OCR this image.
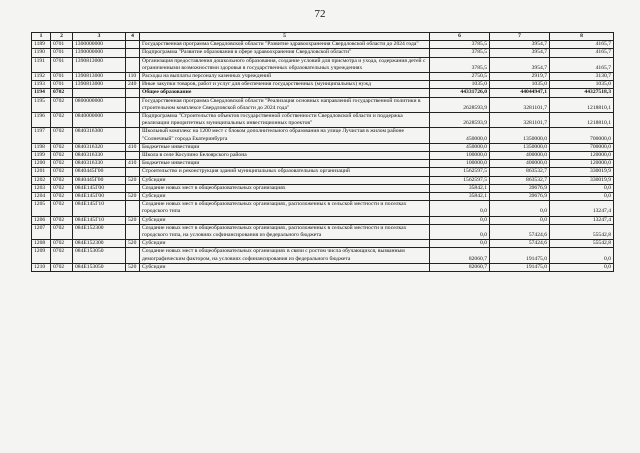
72
1	2	3	4	5	6	7	8
1189	0701	1300000000		Государственная программа Свердловской области "Развитие здравоохранения Свердловской области до 2024 года"	3785,5	3954,7	4165,7
1190	0701	1390000000		Подпрограмма "Развитие образования в сфере здравоохранения Свердловской области"	3785,5	3954,7	4165,7
1191	0701	1390813000		Организация предоставления дошкольного образования, создание условий для присмотра и ухода, содержания детей с ограниченными возможностями здоровья в государственных образовательных учреждениях	3785,5	3954,7	4165,7
1192	0701	1390813000	110	Расходы на выплаты персоналу казенных учреждений	2750,5	2919,7	3130,7
1193	0701	1390813000	240	Иные закупки товаров, работ и услуг для обеспечения государственных (муниципальных) нужд	1035,0	1035,0	1035,0
1194	0702			Общее образование	44331726,0	44044947,1	44327518,3
1195	0702	0800000000		Государственная программа Свердловской области "Реализация основных направлений государственной политики в строительном комплексе Свердловской области до 2024 года"	2628593,9	3281101,7	1218810,1
1196	0702	0840000000		Подпрограмма "Строительство объектов государственной собственности Свердловской области и поддержка реализации приоритетных муниципальных инвестиционных проектов"	2628593,9	3281101,7	1218810,1
1197	0702	0840316300		Школьный комплекс на 1200 мест с блоком дополнительного образования на улице Лучистая в жилом районе "Солнечный" города Екатеринбурга	450000,0	1350000,0	700000,0
1198	0702	0840316320	410	Бюджетные инвестиции	450000,0	1350000,0	700000,0
1199	0702	0840316330		Школа в селе Косулино Белоярского района	100000,0	400000,0	120000,0
1200	0702	0840316330	410	Бюджетные инвестиции	100000,0	400000,0	120000,0
1201	0702	0840445Г00		Строительство и реконструкция зданий муниципальных образовательных организаций	1562597,5	863532,7	330019,9
1202	0702	0840445Г00	520	Субсидии	1562597,5	863532,7	330019,9
1203	0702	084Е145Г00		Создание новых мест в общеобразовательных организациях	35842,1	39676,9	0,0
1204	0702	084Е145Г00	520	Субсидии	35842,1	39676,9	0,0
1205	0702	084Е145Г10		Создание новых мест в общеобразовательных организациях, расположенных в сельской местности и поселках городского типа	0,0	0,0	13247,4
1206	0702	084Е145Г10	520	Субсидии	0,0	0,0	13247,4
1207	0702	084Е152300		Создание новых мест в общеобразовательных организациях, расположенных в сельской местности и поселках городского типа, на условиях софинансирования из федерального бюджета	0,0	57424,6	55542,8
1208	0702	084Е152300	520	Субсидии	0,0	57424,6	55542,8
1209	0702	084Е153050		Создание новых мест в общеобразовательных организациях в связи с ростом числа обучающихся, вызванным демографическим фактором, на условиях софинансирования из федерального бюджета	82060,7	191475,0	0,0
1210	0702	084Е153050	520	Субсидии	82060,7	191475,0	0,0
